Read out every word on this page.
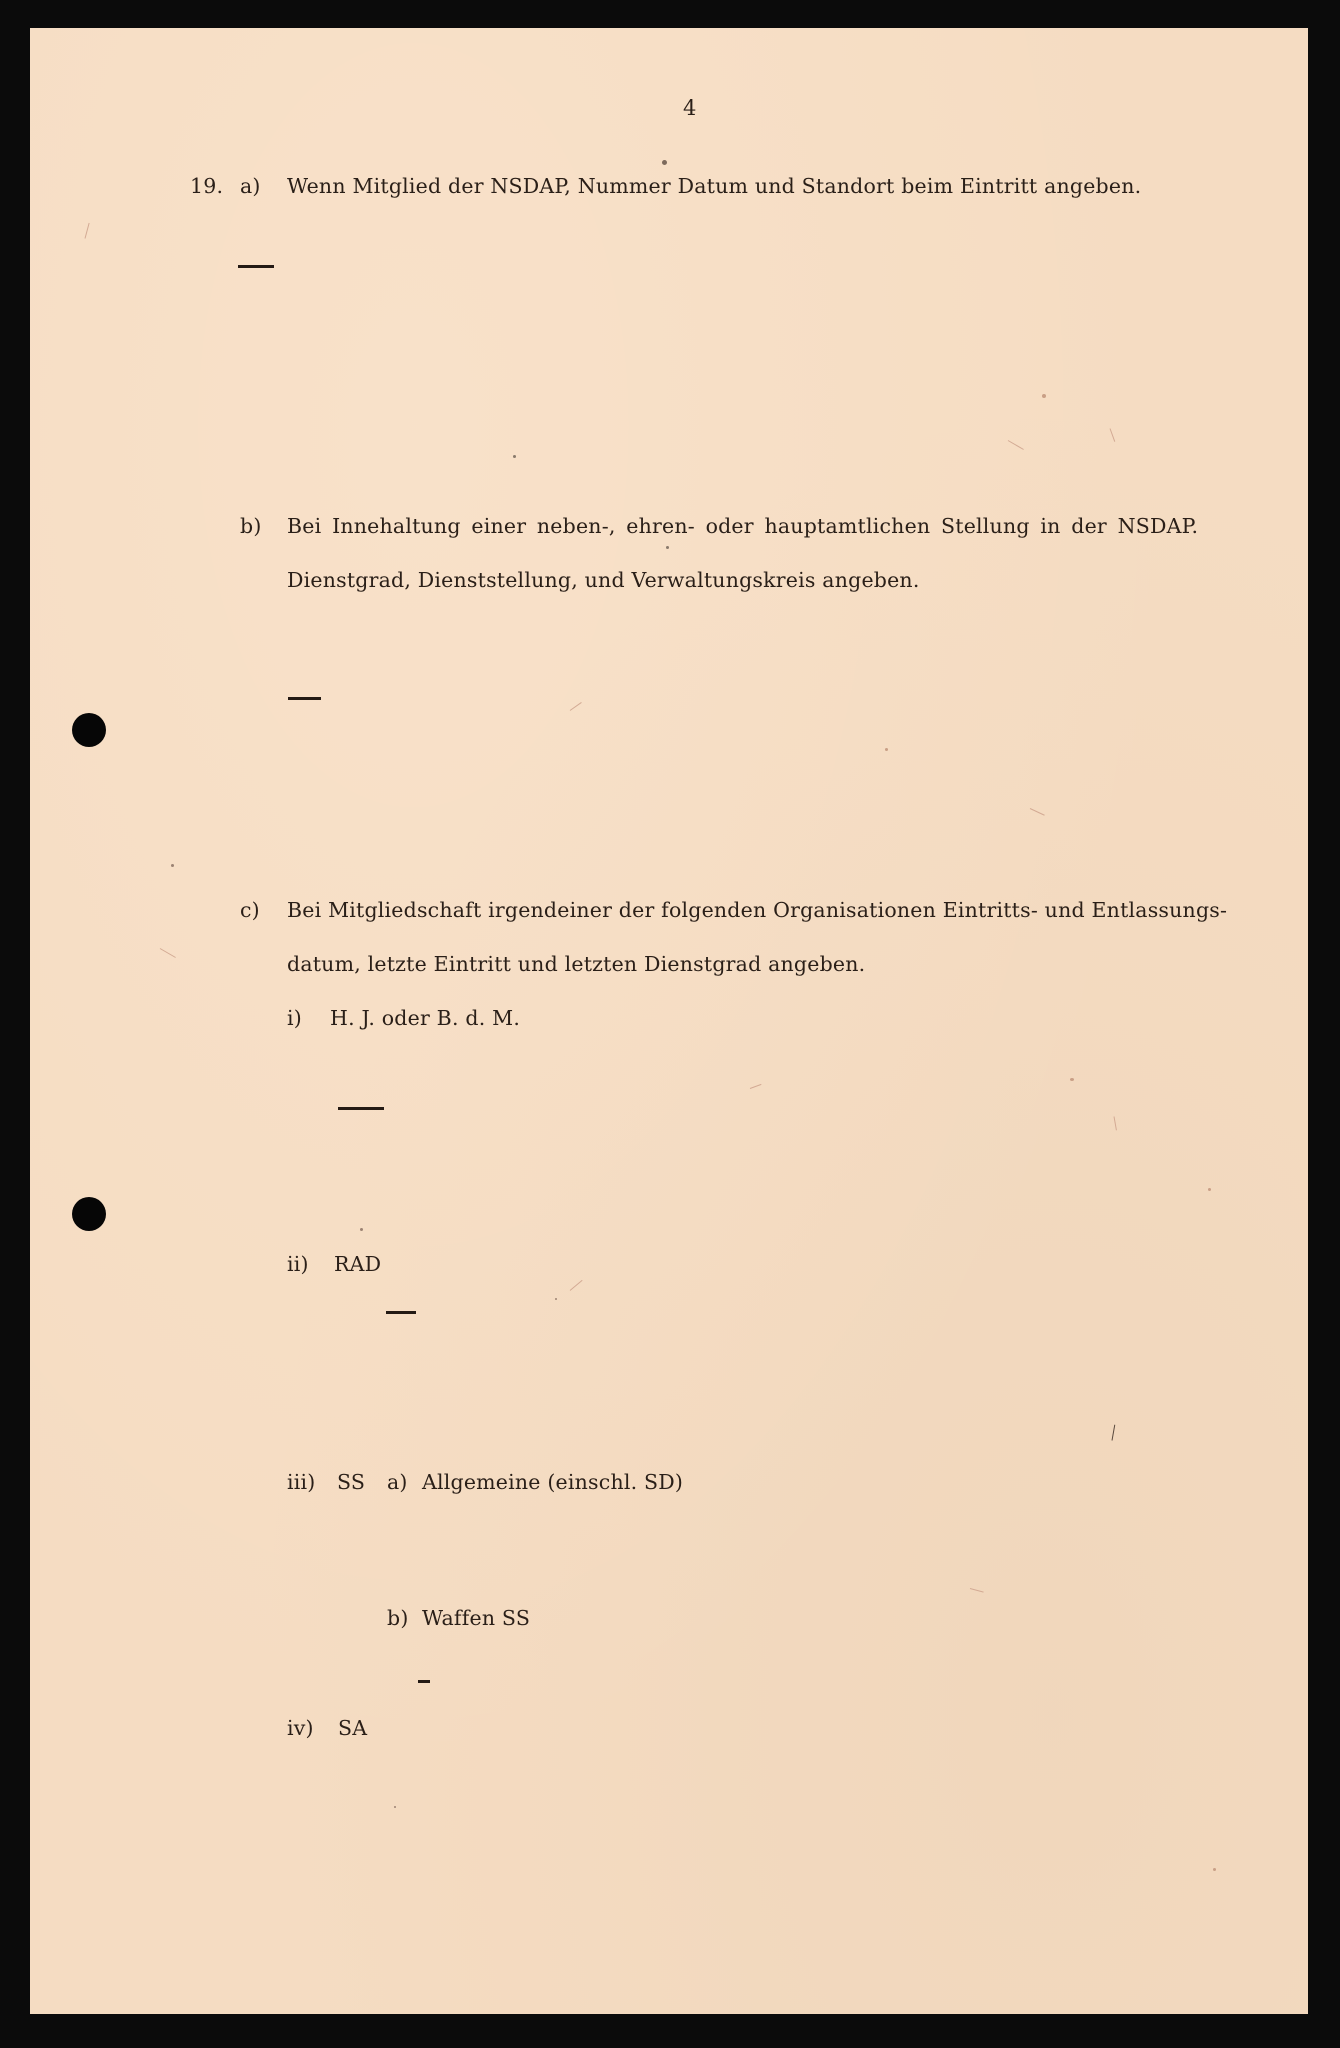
4
19. a) Wenn Mitglied der NSDAP, Nummer Datum und Standort beim Eintritt angeben.
b) Bei Innehaltung einer neben-, ehren- oder hauptamtlichen Stellung in der NSDAP.
Dienstgrad, Dienststellung, und Verwaltungskreis angeben.
c) Bei Mitgliedschaft irgendeiner der folgenden Organisationen Eintritts- und Entlassungs-
datum, letzte Eintritt und letzten Dienstgrad angeben.
i) H. J. oder B. d. M.
ii) RAD
iii) SS a) Allgemeine (einschl. SD)
b) Waffen SS
iv) SA
